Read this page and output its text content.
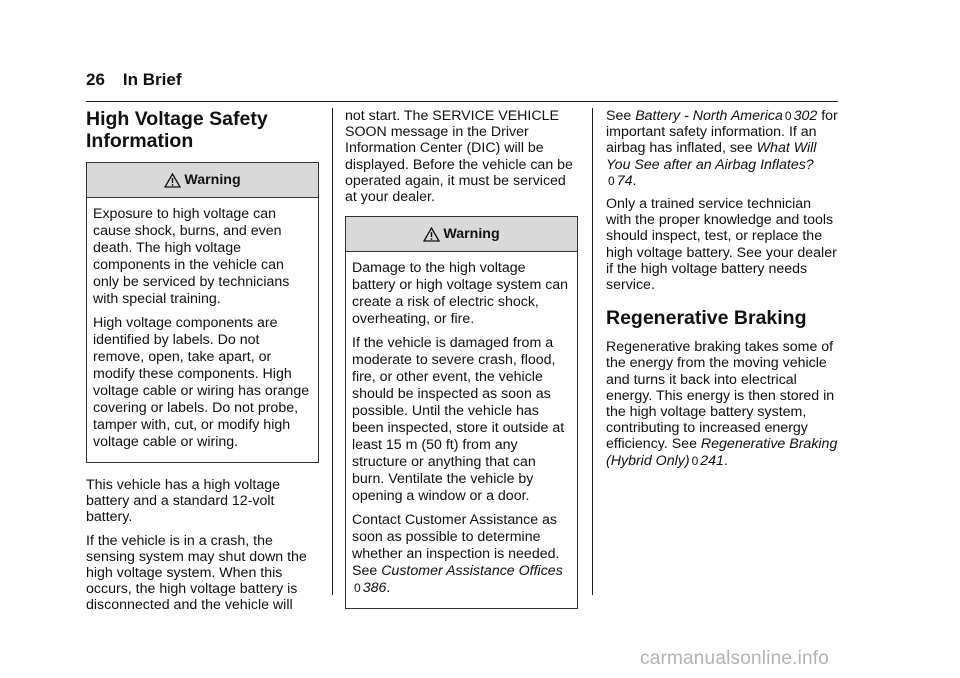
26 In Brief
High Voltage Safety
Information
Warning

Exposure to high voltage can cause shock, burns, and even death. The high voltage components in the vehicle can only be serviced by technicians with special training.

High voltage components are identified by labels. Do not remove, open, take apart, or modify these components. High voltage cable or wiring has orange covering or labels. Do not probe, tamper with, cut, or modify high voltage cable or wiring.

This vehicle has a high voltage battery and a standard 12-volt battery.

If the vehicle is in a crash, the sensing system may shut down the high voltage system. When this occurs, the high voltage battery is disconnected and the vehicle will

not start. The SERVICE VEHICLE SOON message in the Driver Information Center (DIC) will be displayed. Before the vehicle can be operated again, it must be serviced at your dealer.

Warning

Damage to the high voltage battery or high voltage system can create a risk of electric shock, overheating, or fire.

If the vehicle is damaged from a moderate to severe crash, flood, fire, or other event, the vehicle should be inspected as soon as possible. Until the vehicle has been inspected, store it outside at least 15 m (50 ft) from any structure or anything that can burn. Ventilate the vehicle by opening a window or a door.

Contact Customer Assistance as soon as possible to determine whether an inspection is needed. See Customer Assistance Offices
0 386.

See Battery - North America 0 302 for important safety information. If an airbag has inflated, see What Will You See after an Airbag Inflates?0 74.

Only a trained service technician with the proper knowledge and tools should inspect, test, or replace the high voltage battery. See your dealer if the high voltage battery needs service.

Regenerative Braking

Regenerative braking takes some of the energy from the moving vehicle and turns it back into electrical energy. This energy is then stored in the high voltage battery system, contributing to increased energy efficiency. See Regenerative Braking (Hybrid Only) 0 241.

carmanualsonline.info
